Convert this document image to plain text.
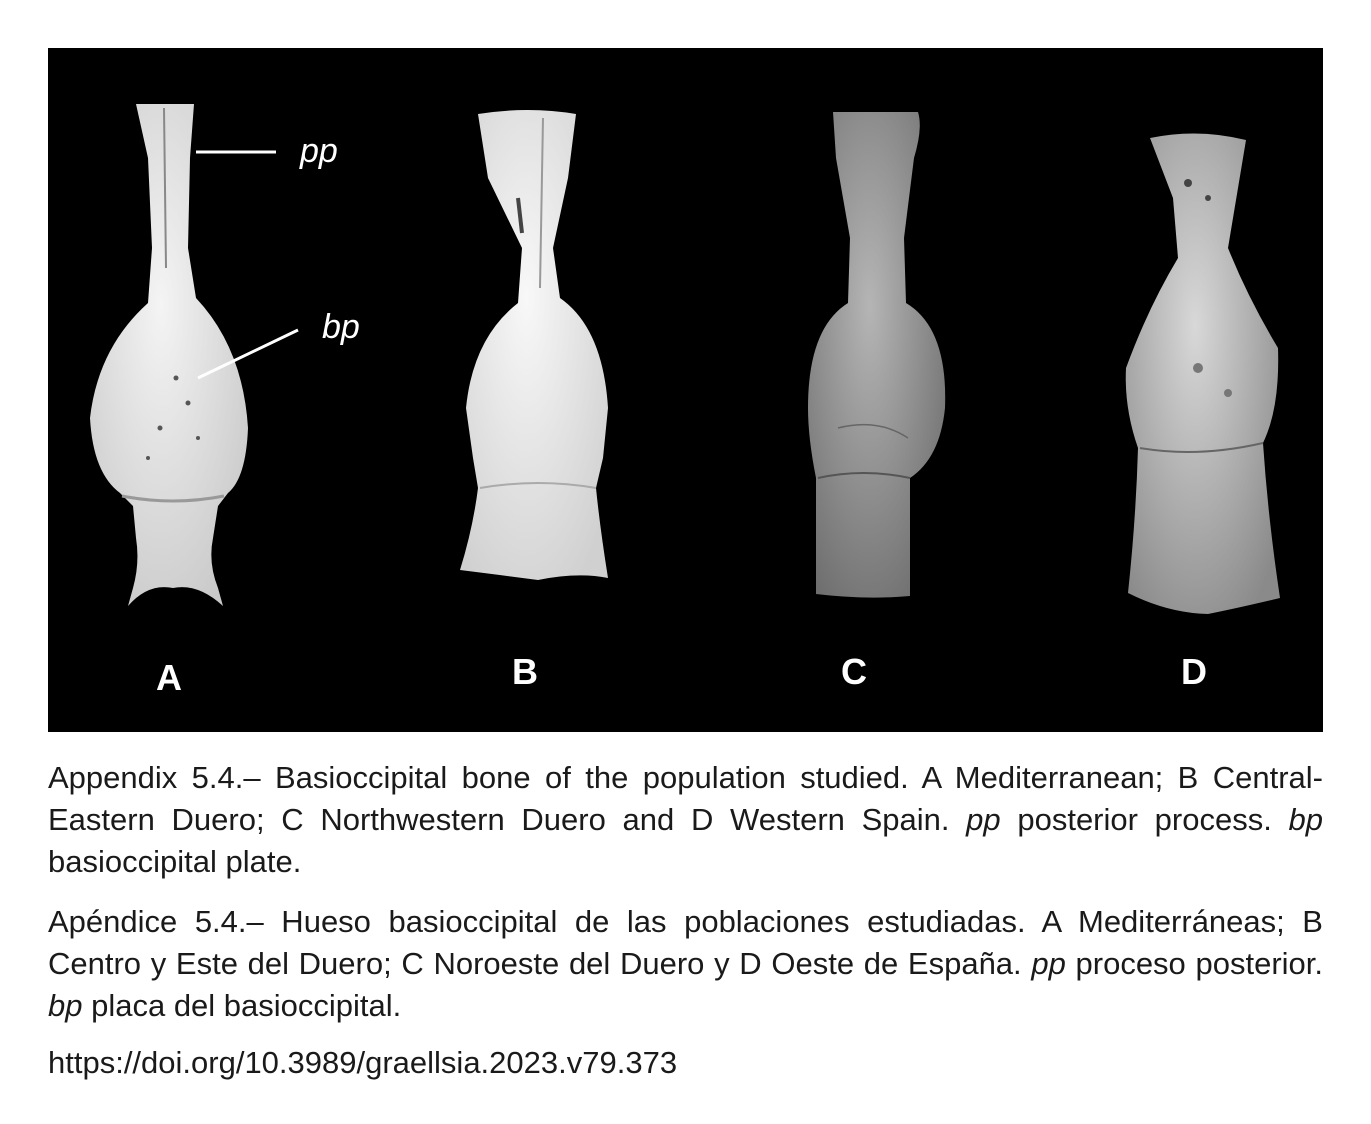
pp
bp
A	B	C	D

Appendix 5.4.– Basioccipital bone of the population studied. A Mediterranean; B Central-Eastern Duero; C Northwestern Duero and D Western Spain. pp posterior process. bp basioccipital plate.

Apéndice 5.4.– Hueso basioccipital de las poblaciones estudiadas. A Mediterráneas; B Centro y Este del Duero; C Noroeste del Duero y D Oeste de España. pp proceso posterior. bp placa del basioccipital.

https://doi.org/10.3989/graellsia.2023.v79.373
